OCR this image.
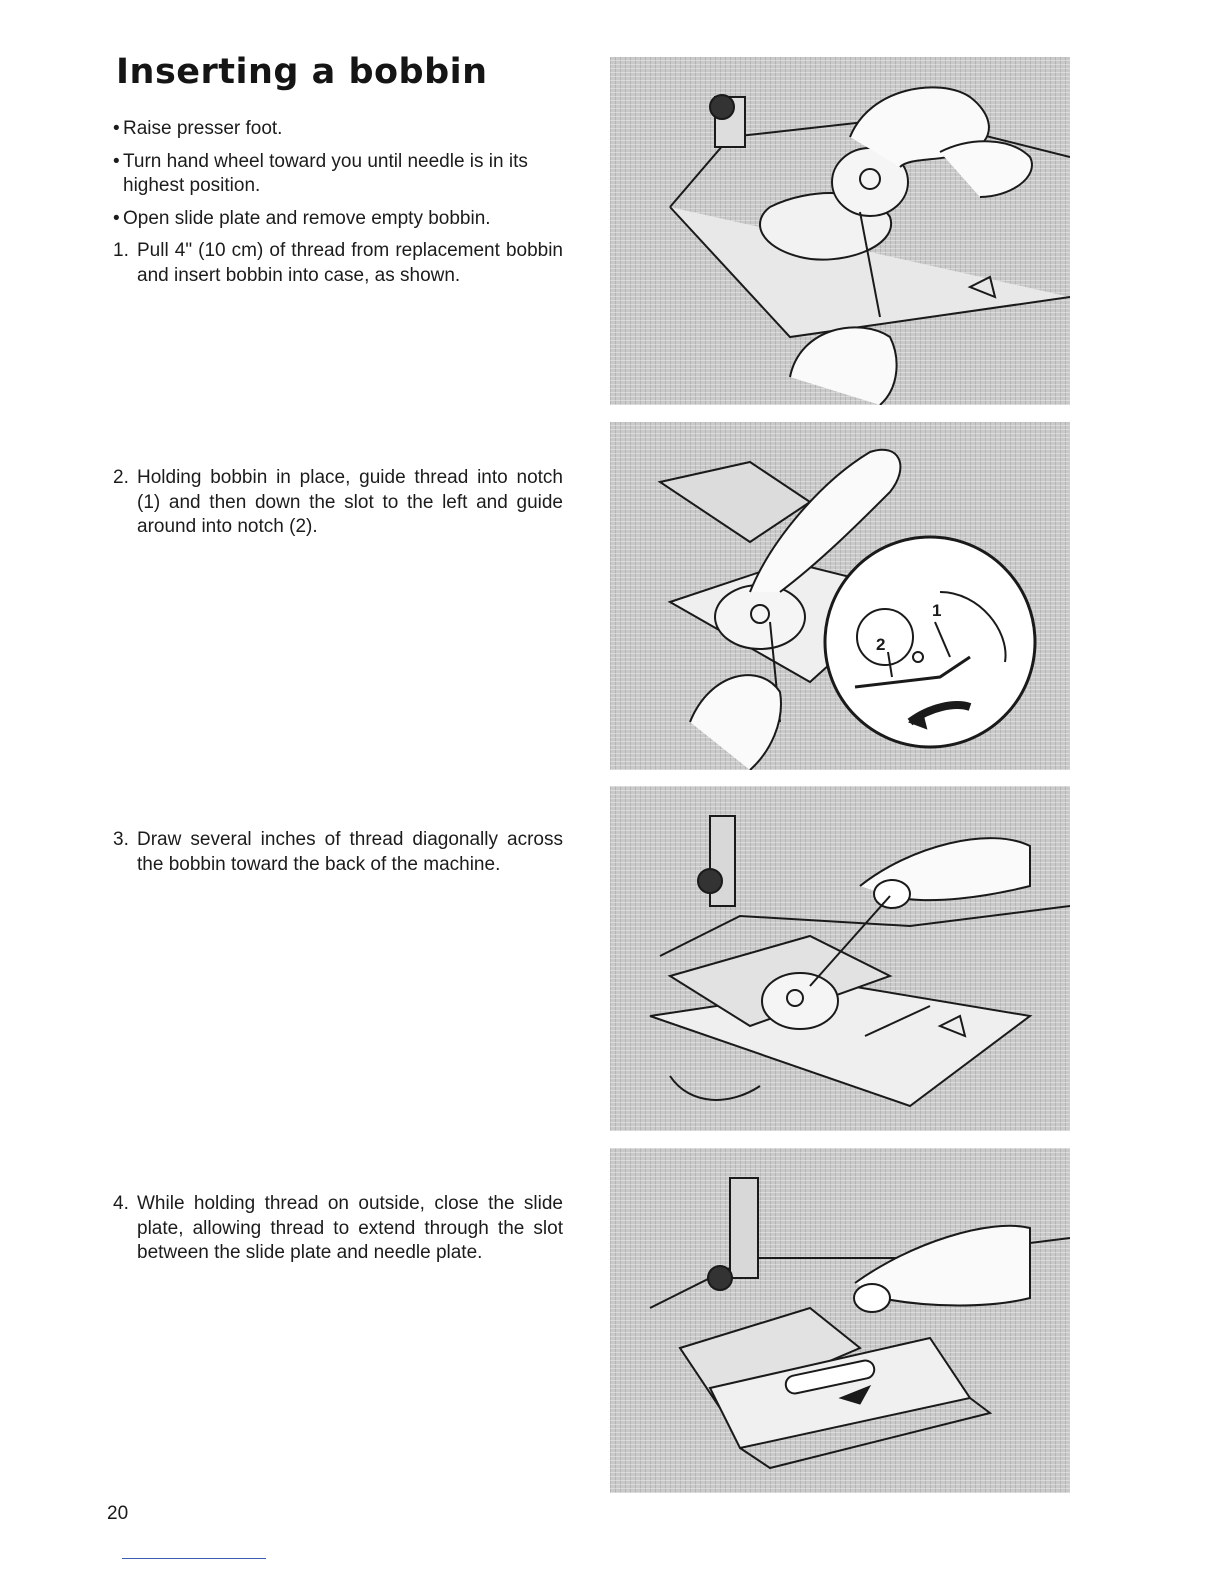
Inserting a bobbin
• Raise presser foot.
• Turn hand wheel toward you until needle is in its highest position.
• Open slide plate and remove empty bobbin.
1. Pull 4" (10 cm) of thread from replacement bobbin and insert bobbin into case, as shown.
2. Holding bobbin in place, guide thread into notch (1) and then down the slot to the left and guide around into notch (2).
3. Draw several inches of thread diagonally across the bobbin toward the back of the machine.
4. While holding thread on outside, close the slide plate, allowing thread to extend through the slot between the slide plate and needle plate.
1
2
20
